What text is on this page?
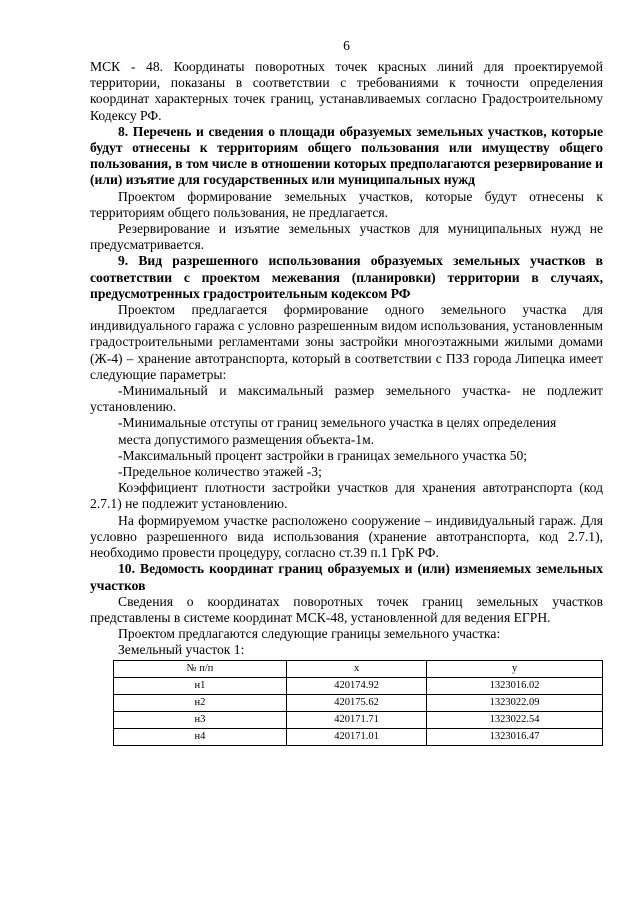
6

МСК - 48. Координаты поворотных точек красных линий для проектируемой территории, показаны в соответствии с требованиями к точности определения координат характерных точек границ, устанавливаемых согласно Градостроительному Кодексу РФ.

8. Перечень и сведения о площади образуемых земельных участков, которые будут отнесены к территориям общего пользования или имуществу общего пользования, в том числе в отношении которых предполагаются резервирование и (или) изъятие для государственных или муниципальных нужд

Проектом формирование земельных участков, которые будут отнесены к территориям общего пользования, не предлагается.

Резервирование и изъятие земельных участков для муниципальных нужд не предусматривается.

9. Вид разрешенного использования образуемых земельных участков в соответствии с проектом межевания (планировки) территории в случаях, предусмотренных градостроительным кодексом РФ

Проектом предлагается формирование одного земельного участка для индивидуального гаража с условно разрешенным видом использования, установленным градостроительными регламентами зоны застройки многоэтажными жилыми домами (Ж-4) – хранение автотранспорта, который в соответствии с ПЗЗ города Липецка имеет следующие параметры:

-Минимальный и максимальный размер земельного участка- не подлежит установлению.

-Минимальные отступы от границ земельного участка в целях определения

места допустимого размещения объекта-1м.

-Максимальный процент застройки в границах земельного участка 50;

-Предельное количество этажей -3;

Коэффициент плотности застройки участков для хранения автотранспорта (код 2.7.1) не подлежит установлению.

На формируемом участке расположено сооружение – индивидуальный гараж. Для условно разрешенного вида использования (хранение автотранспорта, код 2.7.1), необходимо провести процедуру, согласно ст.39 п.1 ГрК РФ.

10. Ведомость координат границ образуемых и (или) изменяемых земельных участков

Сведения о координатах поворотных точек границ земельных участков представлены в системе координат МСК-48, установленной для ведения ЕГРН.

Проектом предлагаются следующие границы земельного участка:

Земельный участок 1:

№ п/п	x	y
н1	420174.92	1323016.02
н2	420175.62	1323022.09
н3	420171.71	1323022.54
н4	420171.01	1323016.47
